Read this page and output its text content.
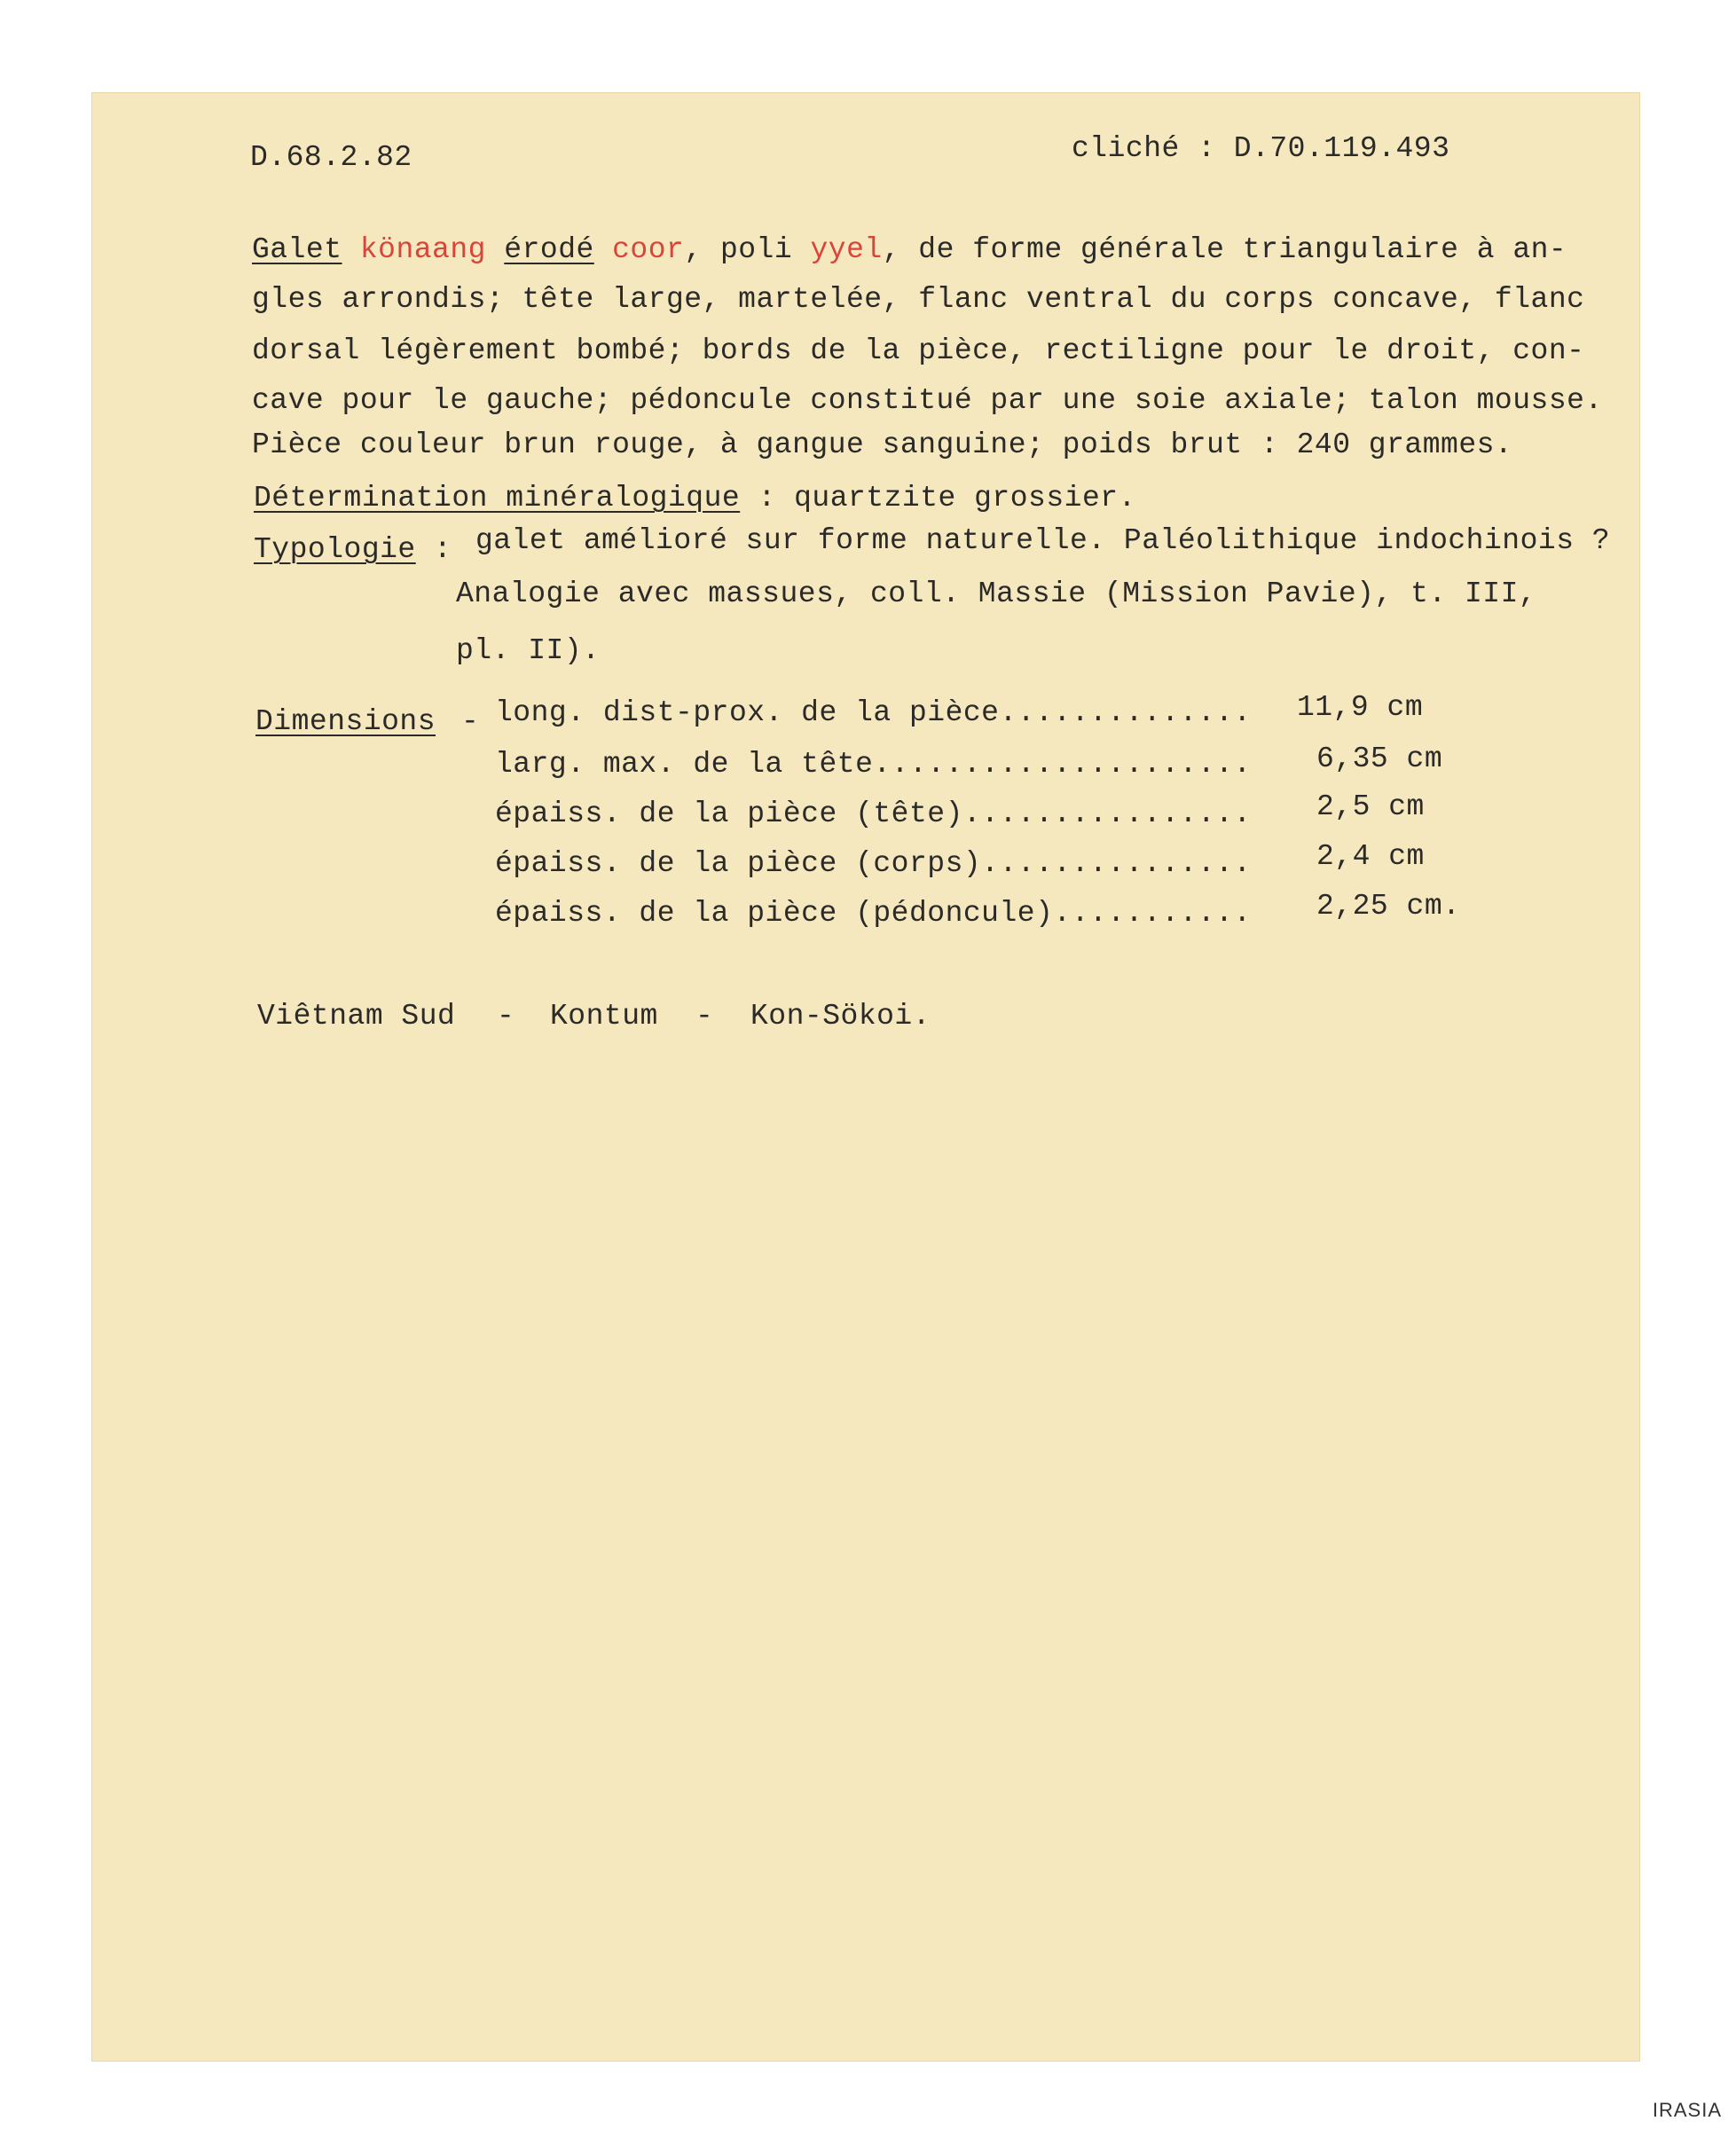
D.68.2.82	cliché : D.70.119.493
Galet könaang érodé coor, poli yyel, de forme générale triangulaire à an-
gles arrondis; tête large, martelée, flanc ventral du corps concave, flanc
dorsal légèrement bombé; bords de la pièce, rectiligne pour le droit, con-
cave pour le gauche; pédoncule constitué par une soie axiale; talon mousse.
Pièce couleur brun rouge, à gangue sanguine; poids brut : 240 grammes.
Détermination minéralogique : quartzite grossier.
Typologie : galet amélioré sur forme naturelle. Paléolithique indochinois ?
Analogie avec massues, coll. Massie (Mission Pavie), t. III,
pl. II).
Dimensions - long. dist-prox. de la pièce.............. 11,9 cm
larg. max. de la tête..................... 6,35 cm
épaiss. de la pièce (tête)................ 2,5 cm
épaiss. de la pièce (corps)............... 2,4 cm
épaiss. de la pièce (pédoncule)........... 2,25 cm.
Viêtnam Sud - Kontum - Kon-Sökoi.
IRASIA
